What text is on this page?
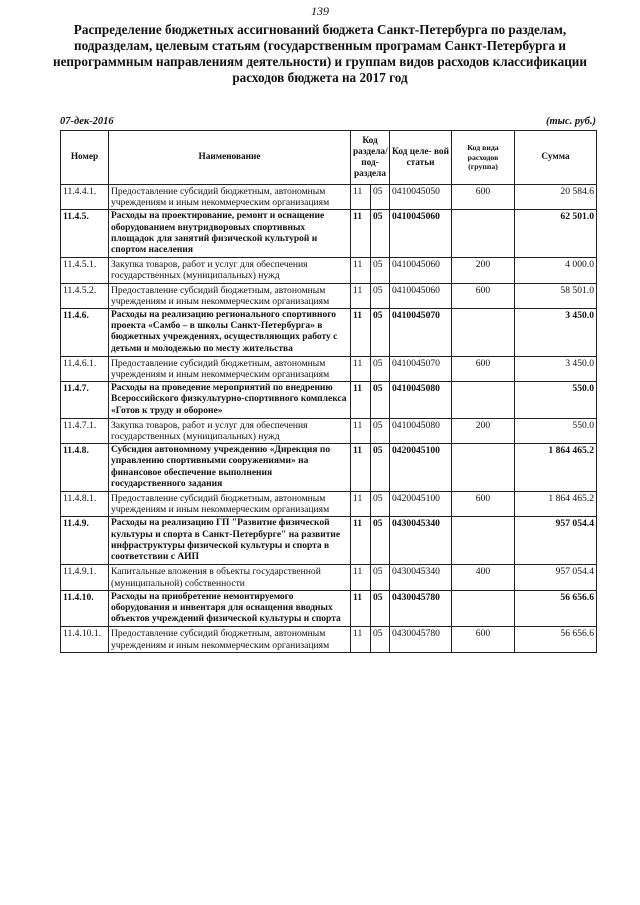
139
Распределение бюджетных ассигнований бюджета Санкт-Петербурга по разделам, подразделам, целевым статьям (государственным програмам Санкт-Петербурга и непрограммным направлениям деятельности) и группам видов расходов классификации расходов бюджета на 2017 год
07-дек-2016	(тыс. руб.)
Номер	Наименование	Код раздела/ под- раздела		Код целе- вой статьи	Код вида расходов (группа)	Сумма
11.4.4.1.	Предоставление субсидий бюджетным, автономным учреждениям и иным некоммерческим организациям	11	05	0410045050	600	20 584.6
11.4.5.	Расходы на проектирование, ремонт и оснащение оборудованием внутридворовых спортивных площадок для занятий физической культурой и спортом населения	11	05	0410045060		62 501.0
11.4.5.1.	Закупка товаров, работ и услуг для обеспечения государственных (муниципальных) нужд	11	05	0410045060	200	4 000.0
11.4.5.2.	Предоставление субсидий бюджетным, автономным учреждениям и иным некоммерческим организациям	11	05	0410045060	600	58 501.0
11.4.6.	Расходы на реализацию регионального спортивного проекта «Самбо – в школы Санкт-Петербурга» в бюджетных учреждениях, осуществляющих работу с детьми и молодежью по месту жительства	11	05	0410045070		3 450.0
11.4.6.1.	Предоставление субсидий бюджетным, автономным учреждениям и иным некоммерческим организациям	11	05	0410045070	600	3 450.0
11.4.7.	Расходы на проведение мероприятий по внедрению Всероссийского физкультурно-спортивного комплекса «Готов к труду и обороне»	11	05	0410045080		550.0
11.4.7.1.	Закупка товаров, работ и услуг для обеспечения государственных (муниципальных) нужд	11	05	0410045080	200	550.0
11.4.8.	Субсидия автономному учреждению «Дирекция по управлению спортивными сооружениями» на финансовое обеспечение выполнения государственного задания	11	05	0420045100		1 864 465.2
11.4.8.1.	Предоставление субсидий бюджетным, автономным учреждениям и иным некоммерческим организациям	11	05	0420045100	600	1 864 465.2
11.4.9.	Расходы на реализацию ГП "Развитие физической культуры и спорта в Санкт-Петербурге" на развитие инфраструктуры физической культуры и спорта в соответствии с АИП	11	05	0430045340		957 054.4
11.4.9.1.	Капитальные вложения в объекты государственной (муниципальной) собственности	11	05	0430045340	400	957 054.4
11.4.10.	Расходы на приобретение немонтируемого оборудования и инвентаря для оснащения вводных объектов учреждений физической культуры и спорта	11	05	0430045780		56 656.6
11.4.10.1.	Предоставление субсидий бюджетным, автономным учреждениям и иным некоммерческим организациям	11	05	0430045780	600	56 656.6
